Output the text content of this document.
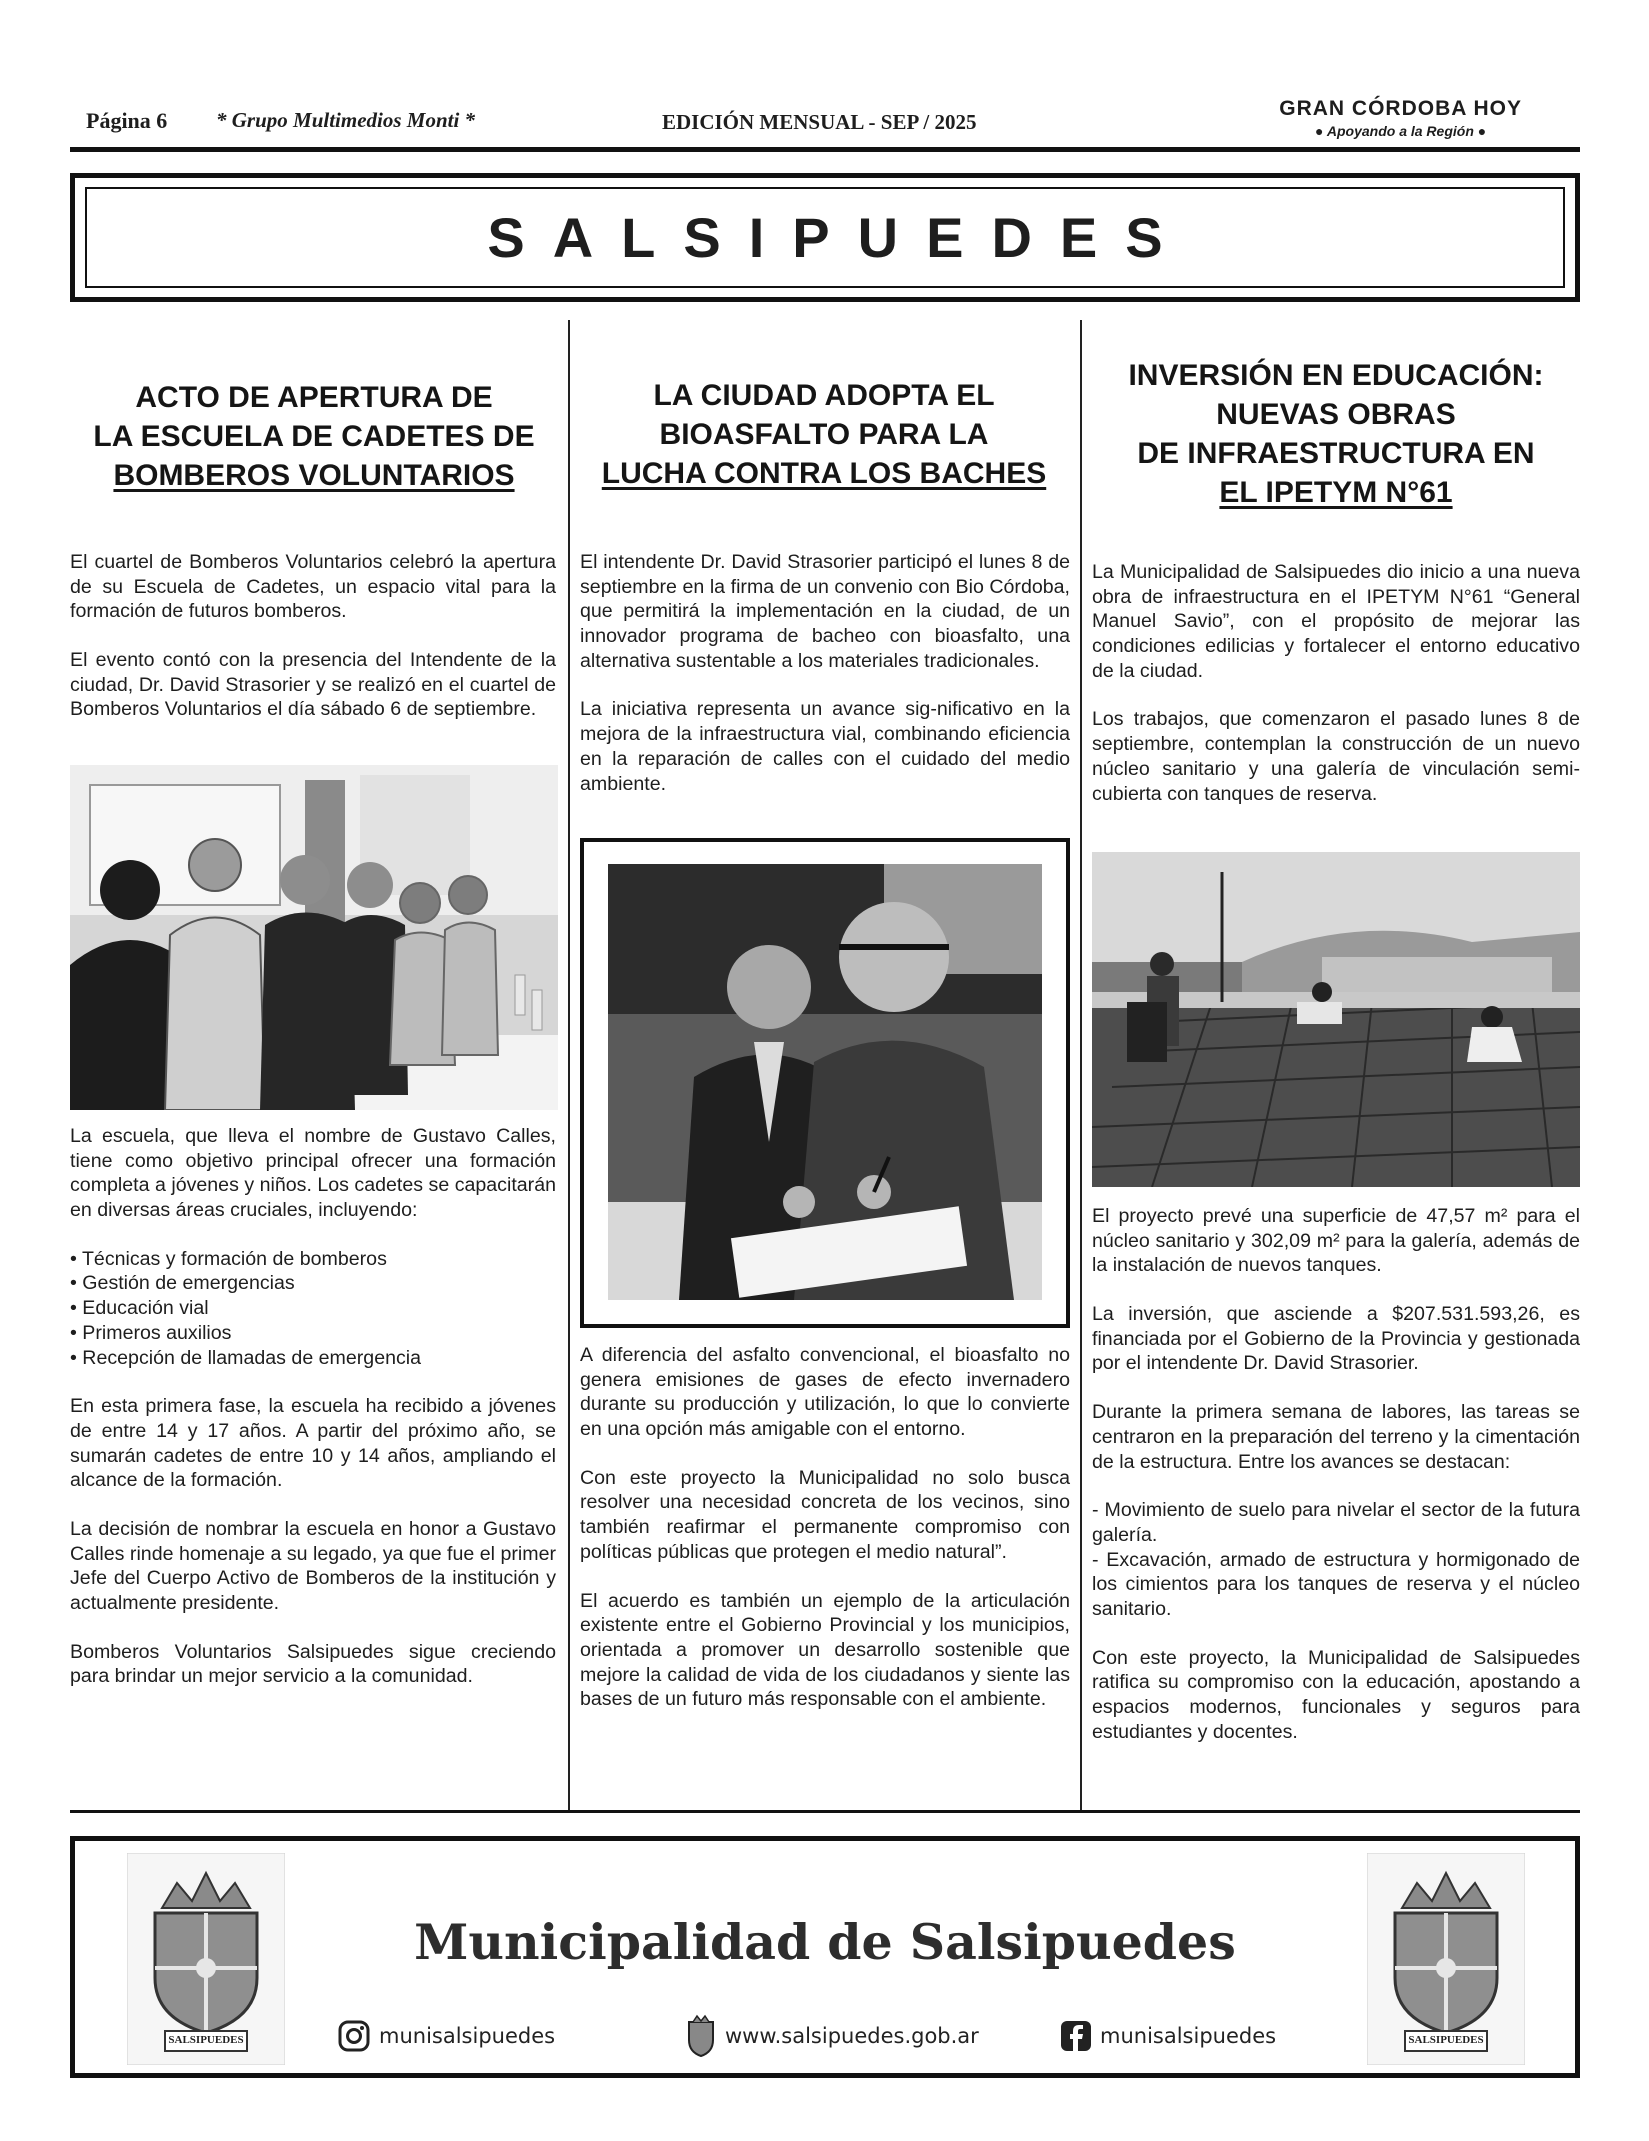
Página 6 * Grupo Multimedios Monti *	EDICIÓN MENSUAL - SEP / 2025
GRAN CÓRDOBA HOY
● Apoyando a la Región ●
SALSIPUEDES
ACTO DE APERTURA DE
LA ESCUELA DE CADETES DE
BOMBEROS VOLUNTARIOS

El cuartel de Bomberos Voluntarios celebró la apertura de su Escuela de Cadetes, un espacio vital para la formación de futuros bomberos.

El evento contó con la presencia del Intendente de la ciudad, Dr. David Strasorier y se realizó en el cuartel de Bomberos Voluntarios el día sábado 6 de septiembre.

La escuela, que lleva el nombre de Gustavo Calles, tiene como objetivo principal ofrecer una formación completa a jóvenes y niños. Los cadetes se capacitarán en diversas áreas cruciales, incluyendo:

• Técnicas y formación de bomberos
• Gestión de emergencias
• Educación vial
• Primeros auxilios
• Recepción de llamadas de emergencia

En esta primera fase, la escuela ha recibido a jóvenes de entre 14 y 17 años. A partir del próximo año, se sumarán cadetes de entre 10 y 14 años, ampliando el alcance de la formación.

La decisión de nombrar la escuela en honor a Gustavo Calles rinde homenaje a su legado, ya que fue el primer Jefe del Cuerpo Activo de Bomberos de la institución y actualmente presidente.

Bomberos Voluntarios Salsipuedes sigue creciendo para brindar un mejor servicio a la comunidad.

LA CIUDAD ADOPTA EL
BIOASFALTO PARA LA
LUCHA CONTRA LOS BACHES

El intendente Dr. David Strasorier participó el lunes 8 de septiembre en la firma de un convenio con Bio Córdoba, que permitirá la implementación en la ciudad, de un innovador programa de bacheo con bioasfalto, una alternativa sustentable a los materiales tradicionales.

La iniciativa representa un avance sig-nificativo en la mejora de la infraestructura vial, combinando eficiencia en la reparación de calles con el cuidado del medio ambiente.

A diferencia del asfalto convencional, el bioasfalto no genera emisiones de gases de efecto invernadero durante su producción y utilización, lo que lo convierte en una opción más amigable con el entorno.

Con este proyecto la Municipalidad no solo busca resolver una necesidad concreta de los vecinos, sino también reafirmar el permanente compromiso con políticas públicas que protegen el medio natural”.

El acuerdo es también un ejemplo de la articulación existente entre el Gobierno Provincial y los municipios, orientada a promover un desarrollo sostenible que mejore la calidad de vida de los ciudadanos y siente las bases de un futuro más responsable con el ambiente.

INVERSIÓN EN EDUCACIÓN:
NUEVAS OBRAS
DE INFRAESTRUCTURA EN
EL IPETYM N°61

La Municipalidad de Salsipuedes dio inicio a una nueva obra de infraestructura en el IPETYM N°61 “General Manuel Savio”, con el propósito de mejorar las condiciones edilicias y fortalecer el entorno educativo de la ciudad.

Los trabajos, que comenzaron el pasado lunes 8 de septiembre, contemplan la construcción de un nuevo núcleo sanitario y una galería de vinculación semi-cubierta con tanques de reserva.

El proyecto prevé una superficie de 47,57 m² para el núcleo sanitario y 302,09 m² para la galería, además de la instalación de nuevos tanques.

La inversión, que asciende a $207.531.593,26, es financiada por el Gobierno de la Provincia y gestionada por el intendente Dr. David Strasorier.

Durante la primera semana de labores, las tareas se centraron en la preparación del terreno y la cimentación de la estructura. Entre los avances se destacan:

- Movimiento de suelo para nivelar el sector de la futura galería.

- Excavación, armado de estructura y hormigonado de los cimientos para los tanques de reserva y el núcleo sanitario.

Con este proyecto, la Municipalidad de Salsipuedes ratifica su compromiso con la educación, apostando a espacios modernos, funcionales y seguros para estudiantes y docentes.

SALSIPUEDES
Municipalidad de Salsipuedes
munisalsipuedes	www.salsipuedes.gob.ar	munisalsipuedes	SALSIPUEDES
